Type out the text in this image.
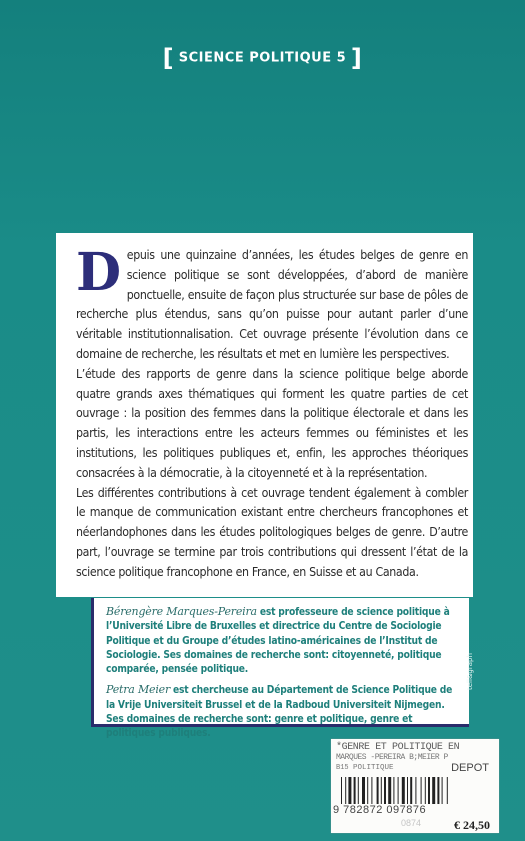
[ SCIENCE POLITIQUE 5 ]

Depuis une quinzaine d’années, les études belges de genre en science politique se sont développées, d’abord de manière ponctuelle, ensuite de façon plus structurée sur base de pôles de recherche plus étendus, sans qu’on puisse pour autant parler d’une véritable institutionnalisation. Cet ouvrage présente l’évolution dans ce domaine de recherche, les résultats et met en lumière les perspectives.

L’étude des rapports de genre dans la science politique belge aborde quatre grands axes thématiques qui forment les quatre parties de cet ouvrage : la position des femmes dans la politique électorale et dans les partis, les interactions entre les acteurs femmes ou féministes et les institutions, les politiques publiques et, enfin, les approches théoriques consacrées à la démocratie, à la citoyenneté et à la représentation.

Les différentes contributions à cet ouvrage tendent également à combler le manque de communication existant entre chercheurs francophones et néerlandophones dans les études politologiques belges de genre. D’autre part, l’ouvrage se termine par trois contributions qui dressent l’état de la science politique francophone en France, en Suisse et au Canada.

Bérengère Marques-Pereira est professeure de science politique à l’Université Libre de Bruxelles et directrice du Centre de Sociologie Politique et du Groupe d’études latino-américaines de l’Institut de Sociologie. Ses domaines de recherche sont: citoyenneté, politique comparée, pensée politique.

Petra Meier est chercheuse au Département de Science Politique de la Vrije Universiteit Brussel et de la Radboud Universiteit Nijmegen. Ses domaines de recherche sont: genre et politique, genre et politiques publiques.

tell&graph
*GENRE ET POLITIQUE EN
MARQUES -PEREIRA B;MEIER P
B15 POLITIQUE	DEPOT
9 782872 097876
0874	€ 24,50
